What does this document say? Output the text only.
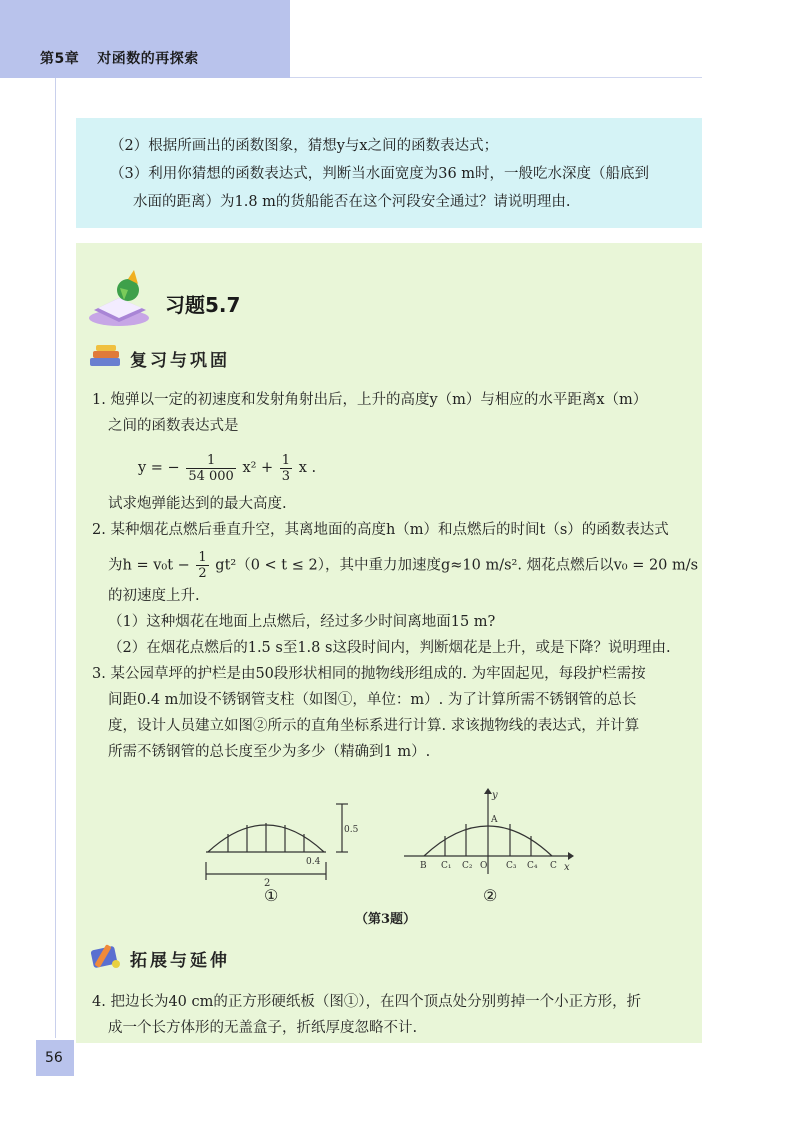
第5章 对函数的再探索
（2）根据所画出的函数图象，猜想y与x之间的函数表达式；
（3）利用你猜想的函数表达式，判断当水面宽度为36 m时，一般吃水深度（船底到
水面的距离）为1.8 m的货船能否在这个河段安全通过？请说明理由.
习题5.7
复习与巩固
1. 炮弹以一定的初速度和发射角射出后，上升的高度y（m）与相应的水平距离x（m）
之间的函数表达式是
y = − $\frac{1}{54 000} x^2 + \frac{1}{3}$ x .
试求炮弹能达到的最大高度.
2. 某种烟花点燃后垂直升空，其离地面的高度h（m）和点燃后的时间t（s）的函数表达式
为$h = v_0t - \frac{1}{2} gt^2(0 < t \le 2)$，其中重力加速度g≈10 m/s². 烟花点燃后以v₀ = 20 m/s
的初速度上升.
（1）这种烟花在地面上点燃后，经过多少时间离地面15 m?
（2）在烟花点燃后的1.5 s至1.8 s这段时间内，判断烟花是上升，或是下降？说明理由.
3. 某公园草坪的护栏是由50段形状相同的抛物线形组成的. 为牢固起见，每段护栏需按
间距0.4 m加设不锈钢管支柱（如图①，单位：m）. 为了计算所需不锈钢管的总长
度，设计人员建立如图②所示的直角坐标系进行计算. 求该抛物线的表达式，并计算
所需不锈钢管的总长度至少为多少（精确到1 m）.
2
0.4
0.5
①
y
x
B C₁ C₂	C₃ C₄ C
O
A
②
（第3题）
拓展与延伸
4. 把边长为40 cm的正方形硬纸板（图①），在四个顶点处分别剪掉一个小正方形，折
成一个长方体形的无盖盒子，折纸厚度忽略不计.
56
